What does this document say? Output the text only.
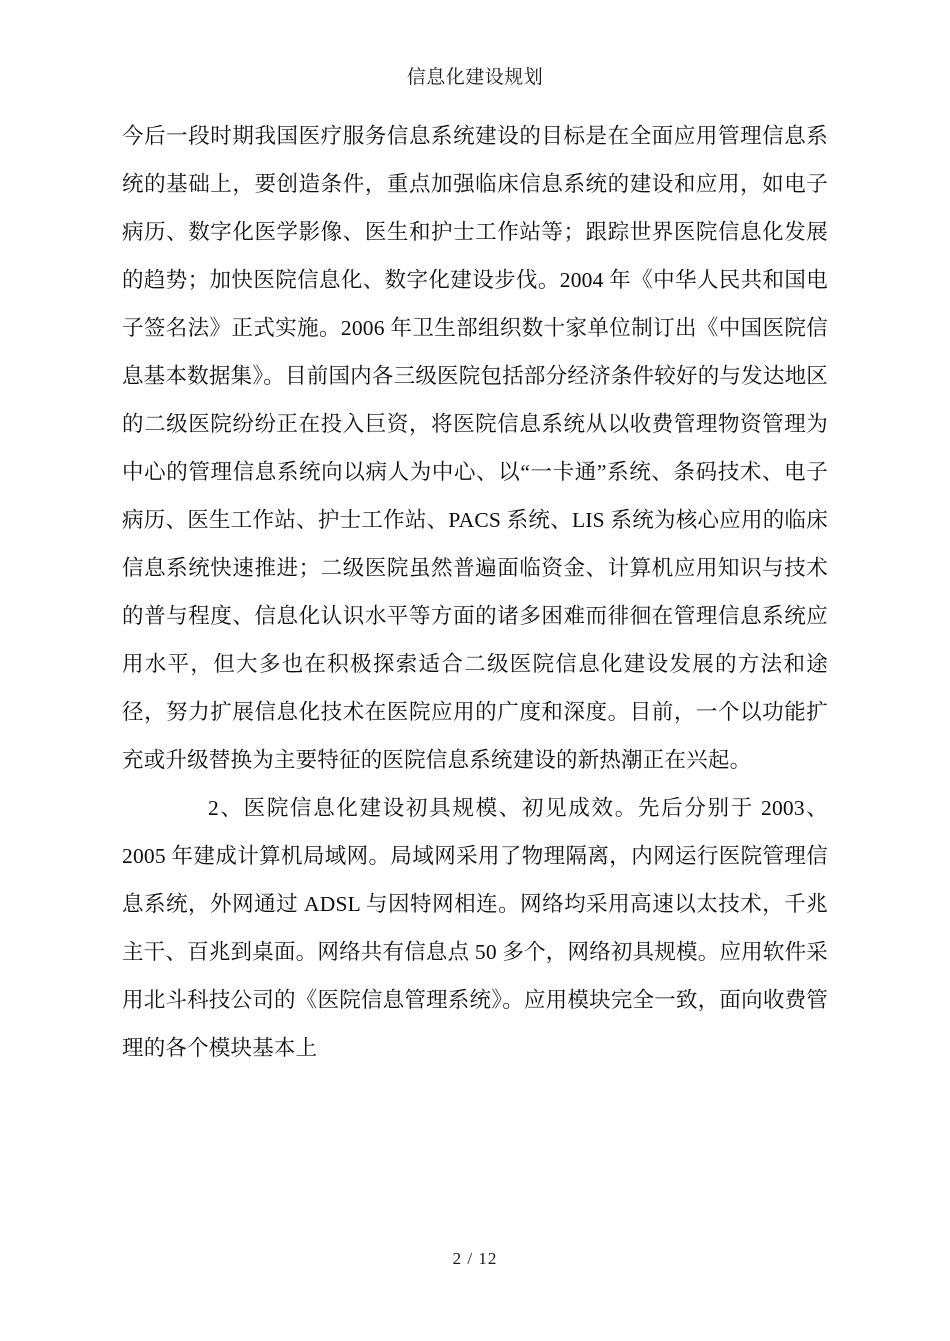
信息化建设规划

今后一段时期我国医疗服务信息系统建设的目标是在全面应用管理信息系统的基础上，要创造条件，重点加强临床信息系统的建设和应用，如电子病历、数字化医学影像、医生和护士工作站等；跟踪世界医院信息化发展的趋势；加快医院信息化、数字化建设步伐。2004 年《中华人民共和国电子签名法》正式实施。2006 年卫生部组织数十家单位制订出《中国医院信息基本数据集》。目前国内各三级医院包括部分经济条件较好的与发达地区的二级医院纷纷正在投入巨资，将医院信息系统从以收费管理物资管理为中心的管理信息系统向以病人为中心、以“一卡通”系统、条码技术、电子病历、医生工作站、护士工作站、PACS 系统、LIS 系统为核心应用的临床信息系统快速推进；二级医院虽然普遍面临资金、计算机应用知识与技术的普与程度、信息化认识水平等方面的诸多困难而徘徊在管理信息系统应用水平，但大多也在积极探索适合二级医院信息化建设发展的方法和途径，努力扩展信息化技术在医院应用的广度和深度。目前，一个以功能扩充或升级替换为主要特征的医院信息系统建设的新热潮正在兴起。

2、医院信息化建设初具规模、初见成效。先后分别于 2003、2005 年建成计算机局域网。局域网采用了物理隔离，内网运行医院管理信息系统，外网通过 ADSL 与因特网相连。网络均采用高速以太技术，千兆主干、百兆到桌面。网络共有信息点 50 多个，网络初具规模。应用软件采用北斗科技公司的《医院信息管理系统》。应用模块完全一致，面向收费管理的各个模块基本上

2 / 12
